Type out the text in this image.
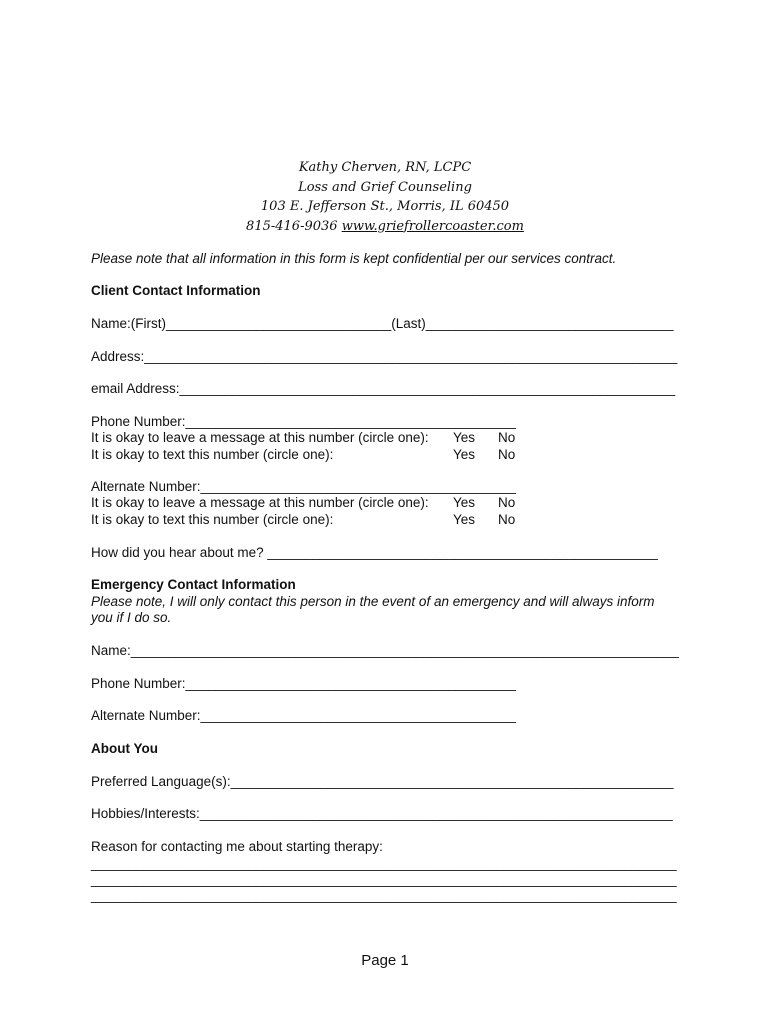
Kathy Cherven, RN, LCPC
Loss and Grief Counseling
103 E. Jefferson St., Morris, IL 60450
815-416-9036 www.griefrollercoaster.com
Please note that all information in this form is kept confidential per our services contract.
Client Contact Information
Name:(First)______________________________(Last)_________________________________
Address:_______________________________________________________________________
email Address:__________________________________________________________________
Phone Number:____________________________________________
It is okay to leave a message at this number (circle one): Yes No
It is okay to text this number (circle one):	Yes No
Alternate Number:__________________________________________
It is okay to leave a message at this number (circle one): Yes No
It is okay to text this number (circle one):	Yes No
How did you hear about me? ____________________________________________________
Emergency Contact Information
Please note, I will only contact this person in the event of an emergency and will always inform
you if I do so.
Name:_________________________________________________________________________
Phone Number:____________________________________________
Alternate Number:__________________________________________
About You
Preferred Language(s):___________________________________________________________
Hobbies/Interests:_______________________________________________________________
Reason for contacting me about starting therapy:
______________________________________________________________________________
______________________________________________________________________________
______________________________________________________________________________
Page 1
